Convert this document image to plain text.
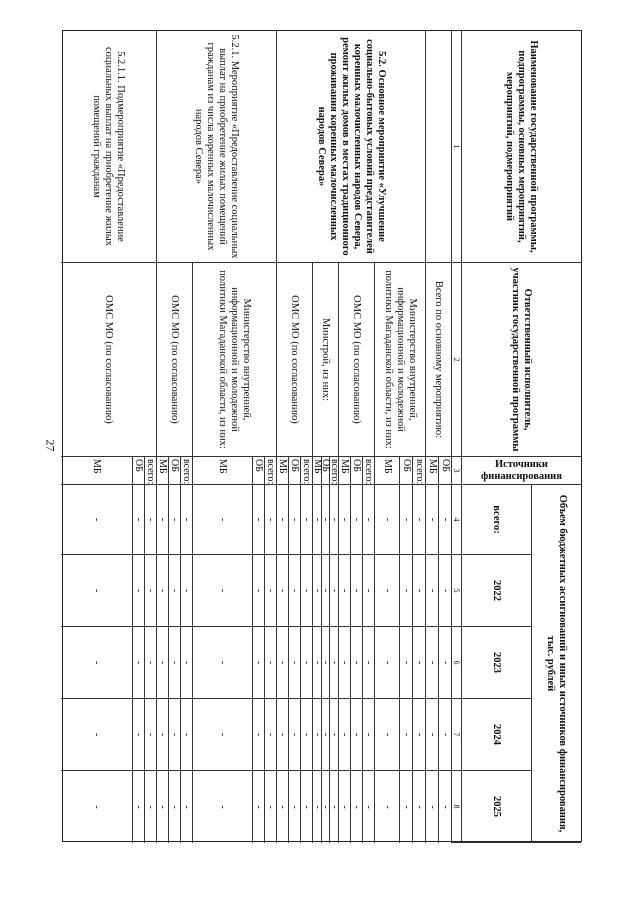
27
Наименование государственной программы, подпрограммы, основных мероприятий, мероприятий, подмероприятий
Ответственный исполнитель, участник государственной программы
Источники финансирования
Объем бюджетных ассигнований и иных источников финансирования, тыс. рублей
всего:
2022
2023
2024
2025
1
2
3
4
5
6
7
8
5.2. Основное мероприятие «Улучшение социально-бытовых условий представителей коренных малочисленных народов Севера, ремонт жилых домов в местах традиционного проживания коренных малочисленных народов Севера»
5.2.1. Мероприятие «Предоставление социальных выплат на приобретение жилых помещений гражданам из числа коренных малочисленных народов Севера»
5.2.1.1. Подмероприятие «Предоставление социальных выплат на приобретение жилых помещений гражданам
Всего по основному мероприятию:
Министерство внутренней, информационной и молодежной политики Магаданской области, из них:
ОМС МО (по согласованию)
Минстрой, из них:
ОМС МО (по согласованию)
Министерство внутренней, информационной и молодежной политики Магаданской области, из них:
ОМС МО (по согласованию)
ОМС МО (по согласованию)
ОБ
-
-
-
-
-
МБ
-
-
-
-
-
всего:
-
-
-
-
-
ОБ
-
-
-
-
-
МБ
-
-
-
-
-
всего:
-
-
-
-
-
ОБ
-
-
-
-
-
МБ
-
-
-
-
-
всего:
-
-
-
-
-
ОБ
-
-
-
-
-
МБ
-
-
-
-
-
всего:
-
-
-
-
-
ОБ
-
-
-
-
-
МБ
-
-
-
-
-
всего:
-
-
-
-
-
ОБ
-
-
-
-
-
МБ
-
-
-
-
-
всего:
-
-
-
-
-
ОБ
-
-
-
-
-
МБ
-
-
-
-
-
всего:
-
-
-
-
-
ОБ
-
-
-
-
-
МБ
-
-
-
-
-
